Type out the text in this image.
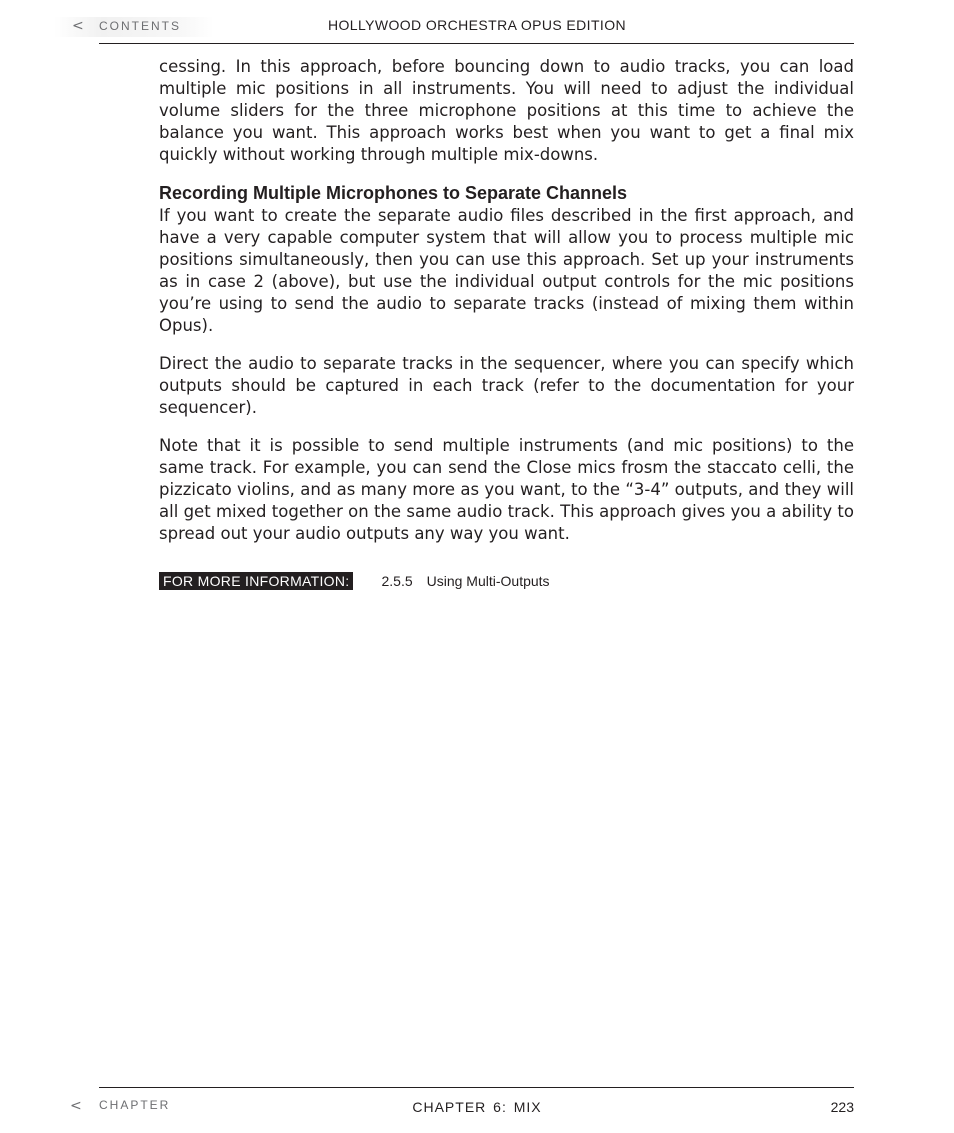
< CONTENTS	HOLLYWOOD ORCHESTRA OPUS EDITION

cessing. In this approach, before bouncing down to audio tracks, you can load multiple mic positions in all instruments. You will need to adjust the individual volume sliders for the three microphone positions at this time to achieve the balance you want. This approach works best when you want to get a final mix quickly without working through multiple mix-downs.

Recording Multiple Microphones to Separate Channels

If you want to create the separate audio files described in the first approach, and have a very capable computer system that will allow you to process multiple mic positions simultaneously, then you can use this approach. Set up your instruments as in case 2 (above), but use the individual output controls for the mic positions you’re using to send the audio to separate tracks (instead of mixing them within Opus).

Direct the audio to separate tracks in the sequencer, where you can specify which outputs should be captured in each track (refer to the documentation for your sequencer).

Note that it is possible to send multiple instruments (and mic positions) to the same track. For example, you can send the Close mics frosm the staccato celli, the pizzicato violins, and as many more as you want, to the “3-4” outputs, and they will all get mixed together on the same audio track. This approach gives you a ability to spread out your audio outputs any way you want.

FOR MORE INFORMATION: 2.5.5 Using Multi-Outputs
< CHAPTER	CHAPTER 6: MIX	223
